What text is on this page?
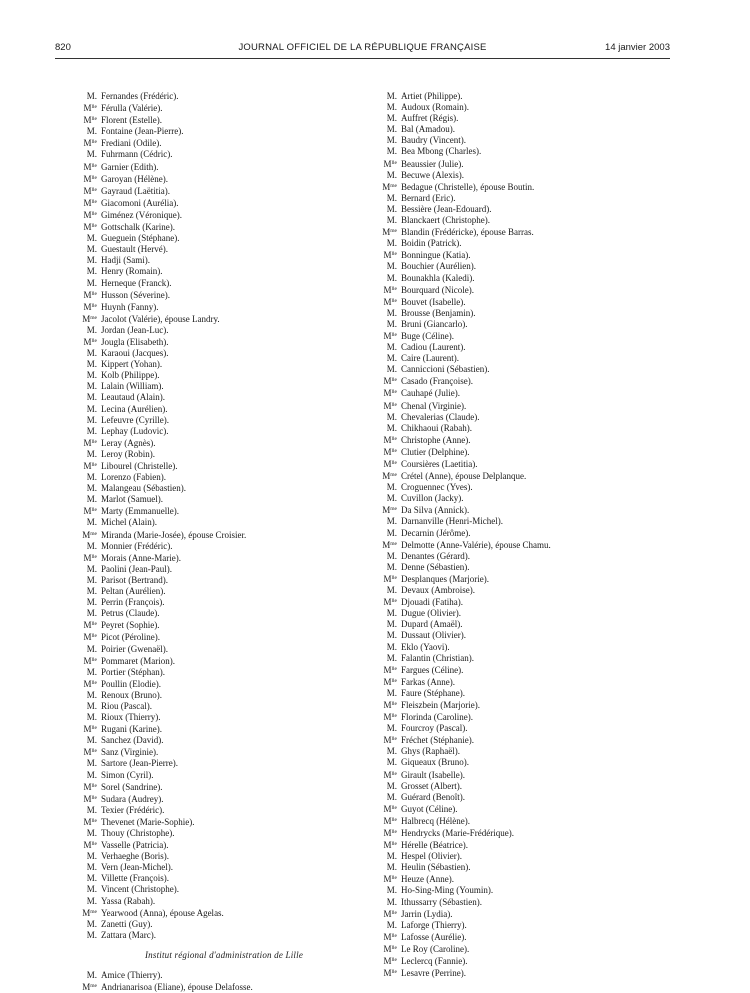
820	JOURNAL OFFICIEL DE LA RÉPUBLIQUE FRANÇAISE	14 janvier 2003
M. Fernandes (Frédéric).
$M^{lle}$ Férulla (Valérie).
$M^{lle}$ Florent (Estelle).
M. Fontaine (Jean-Pierre).
$M^{lle}$ Frediani (Odile).
M. Fuhrmann (Cédric).
$M^{lle}$ Garnier (Edith).
$M^{lle}$ Garoyan (Hélène).
$M^{lle}$ Gayraud (Laëtitia).
$M^{lle}$ Giacomoni (Aurélia).
$M^{lle}$ Giménez (Véronique).
$M^{lle}$ Gottschalk (Karine).
M. Gueguein (Stéphane).
M. Guestault (Hervé).
M. Hadji (Sami).
M. Henry (Romain).
M. Herneque (Franck).
$M^{lle}$ Husson (Séverine).
$M^{lle}$ Huynh (Fanny).
$M^{me}$ Jacolot (Valérie), épouse Landry.
M. Jordan (Jean-Luc).
$M^{lle}$ Jougla (Elisabeth).
M. Karaoui (Jacques).
M. Kippert (Yohan).
M. Kolb (Philippe).
M. Lalain (William).
M. Leautaud (Alain).
M. Lecina (Aurélien).
M. Lefeuvre (Cyrille).
M. Lephay (Ludovic).
$M^{lle}$ Leray (Agnès).
M. Leroy (Robin).
$M^{lle}$ Libourel (Christelle).
M. Lorenzo (Fabien).
M. Malangeau (Sébastien).
M. Marlot (Samuel).
$M^{lle}$ Marty (Emmanuelle).
M. Michel (Alain).
$M^{me}$ Miranda (Marie-Josée), épouse Croisier.
M. Monnier (Frédéric).
$M^{lle}$ Morais (Anne-Marie).
M. Paolini (Jean-Paul).
M. Parisot (Bertrand).
M. Peltan (Aurélien).
M. Perrin (François).
M. Petrus (Claude).
$M^{lle}$ Peyret (Sophie).
$M^{lle}$ Picot (Péroline).
M. Poirier (Gwenaël).
$M^{lle}$ Pommaret (Marion).
M. Portier (Stéphan).
$M^{lle}$ Poullin (Elodie).
M. Renoux (Bruno).
M. Riou (Pascal).
M. Rioux (Thierry).
$M^{lle}$ Rugani (Karine).
M. Sanchez (David).
$M^{lle}$ Sanz (Virginie).
M. Sartore (Jean-Pierre).
M. Simon (Cyril).
$M^{lle}$ Sorel (Sandrine).
$M^{lle}$ Sudara (Audrey).
M. Texier (Frédéric).
$M^{lle}$ Thevenet (Marie-Sophie).
M. Thouy (Christophe).
$M^{lle}$ Vasselle (Patricia).
M. Verhaeghe (Boris).
M. Vern (Jean-Michel).
M. Villette (François).
M. Vincent (Christophe).
M. Yassa (Rabah).
$M^{me}$ Yearwood (Anna), épouse Agelas.
M. Zanetti (Guy).
M. Zattara (Marc).
Institut régional d'administration de Lille
M. Amice (Thierry).
$M^{me}$ Andrianarisoa (Eliane), épouse Delafosse.
M. Artiet (Philippe).
M. Audoux (Romain).
M. Auffret (Régis).
M. Bal (Amadou).
M. Baudry (Vincent).
M. Bea Mbong (Charles).
$M^{lle}$ Beaussier (Julie).
M. Becuwe (Alexis).
$M^{me}$ Bedague (Christelle), épouse Boutin.
M. Bernard (Eric).
M. Bessière (Jean-Edouard).
M. Blanckaert (Christophe).
$M^{me}$ Blandin (Frédéricke), épouse Barras.
M. Boidin (Patrick).
$M^{lle}$ Bonningue (Katia).
M. Bouchier (Aurélien).
M. Bounakhla (Kaledi).
$M^{lle}$ Bourquard (Nicole).
$M^{lle}$ Bouvet (Isabelle).
M. Brousse (Benjamin).
M. Bruni (Giancarlo).
$M^{lle}$ Buge (Céline).
M. Cadiou (Laurent).
M. Caire (Laurent).
M. Canniccioni (Sébastien).
$M^{lle}$ Casado (Françoise).
$M^{lle}$ Cauhapé (Julie).
$M^{lle}$ Chenal (Virginie).
M. Chevalerias (Claude).
M. Chikhaoui (Rabah).
$M^{lle}$ Christophe (Anne).
$M^{lle}$ Clutier (Delphine).
$M^{lle}$ Coursières (Laetitia).
$M^{me}$ Crétel (Anne), épouse Delplanque.
M. Croguennec (Yves).
M. Cuvillon (Jacky).
$M^{me}$ Da Silva (Annick).
M. Darnanville (Henri-Michel).
M. Decarnin (Jérôme).
$M^{me}$ Delmotte (Anne-Valérie), épouse Chamu.
M. Denantes (Gérard).
M. Denne (Sébastien).
$M^{lle}$ Desplanques (Marjorie).
M. Devaux (Ambroise).
$M^{lle}$ Djouadi (Fatiha).
M. Dugue (Olivier).
M. Dupard (Amaël).
M. Dussaut (Olivier).
M. Eklo (Yaovi).
M. Falantin (Christian).
$M^{lle}$ Fargues (Céline).
$M^{lle}$ Farkas (Anne).
M. Faure (Stéphane).
$M^{lle}$ Fleiszbein (Marjorie).
$M^{lle}$ Florinda (Caroline).
M. Fourcroy (Pascal).
$M^{lle}$ Fréchet (Stéphanie).
M. Ghys (Raphaël).
M. Giqueaux (Bruno).
$M^{lle}$ Girault (Isabelle).
M. Grosset (Albert).
M. Guérard (Benoît).
$M^{lle}$ Guyot (Céline).
$M^{lle}$ Halbrecq (Hélène).
$M^{lle}$ Hendrycks (Marie-Frédérique).
$M^{lle}$ Hérelle (Béatrice).
M. Hespel (Olivier).
M. Heulin (Sébastien).
$M^{lle}$ Heuze (Anne).
M. Ho-Sing-Ming (Youmin).
M. Ithussarry (Sébastien).
$M^{lle}$ Jarrin (Lydia).
M. Laforge (Thierry).
$M^{lle}$ Lafosse (Aurélie).
$M^{lle}$ Le Roy (Caroline).
$M^{lle}$ Leclercq (Fannie).
$M^{lle}$ Lesavre (Perrine).
